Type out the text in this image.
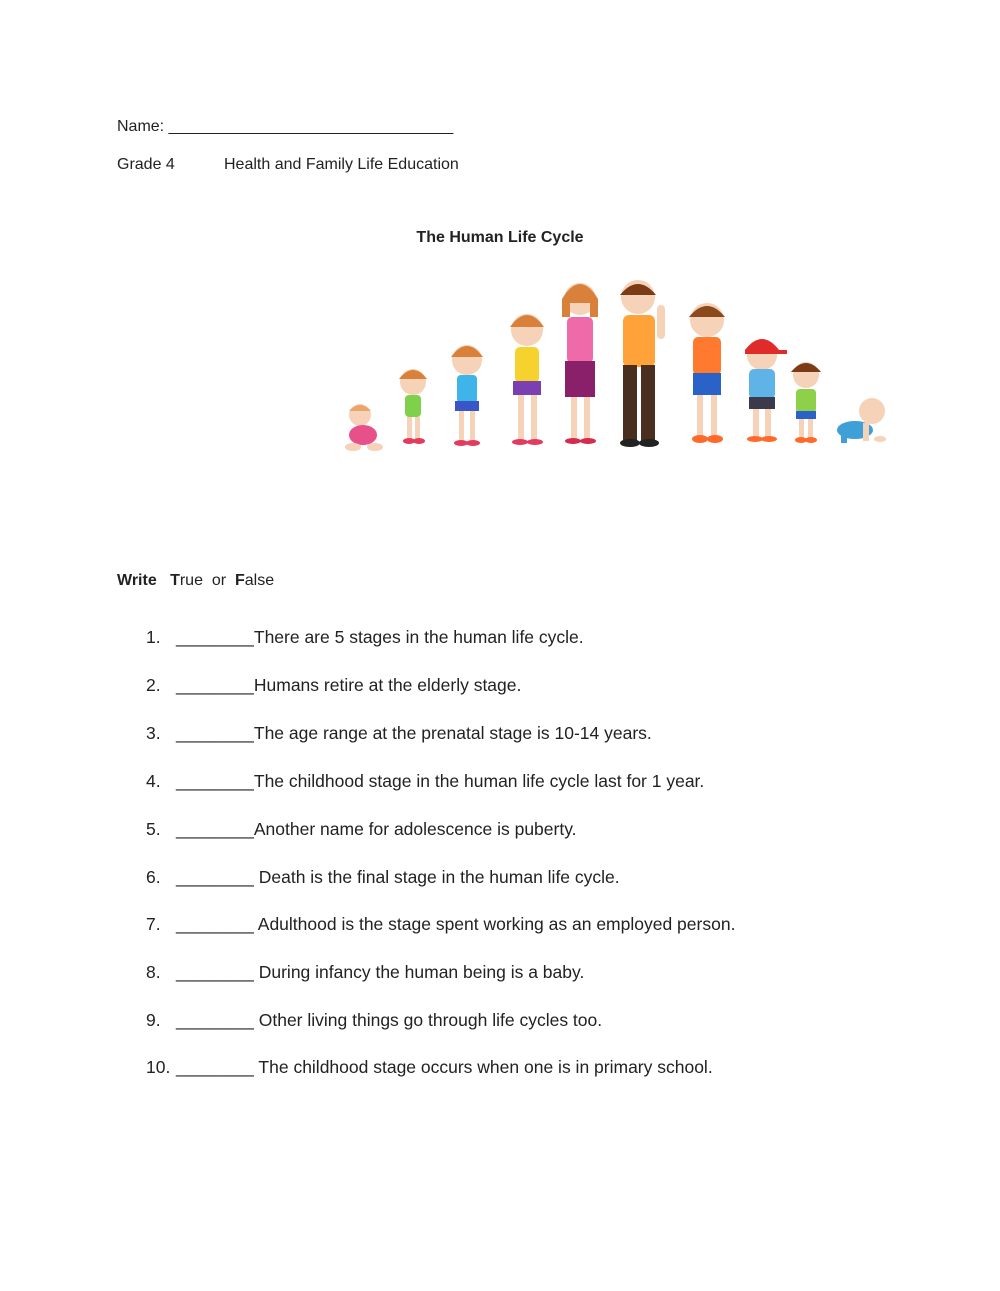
Name: ________________________________
Grade 4	Health and Family Life Education
The Human Life Cycle
Write True or False
1. ________There are 5 stages in the human life cycle.
2. ________Humans retire at the elderly stage.
3. ________The age range at the prenatal stage is 10-14 years.
4. ________The childhood stage in the human life cycle last for 1 year.
5. ________Another name for adolescence is puberty.
6. ________ Death is the final stage in the human life cycle.
7. ________ Adulthood is the stage spent working as an employed person.
8. ________ During infancy the human being is a baby.
9. ________ Other living things go through life cycles too.
10. ________ The childhood stage occurs when one is in primary school.
